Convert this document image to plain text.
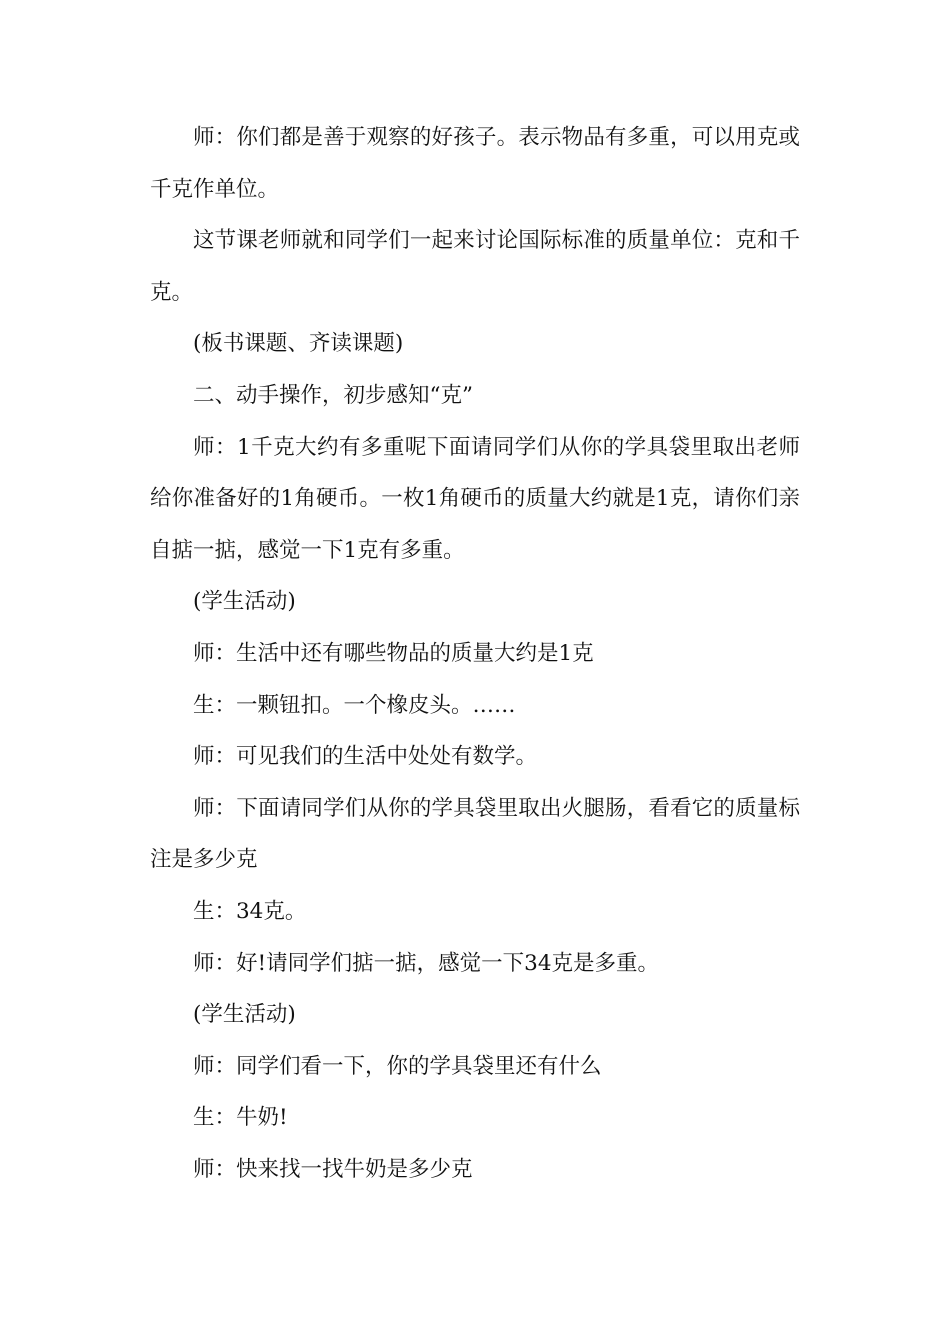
师：你们都是善于观察的好孩子。表示物品有多重，可以用克或千克作单位。

这节课老师就和同学们一起来讨论国际标准的质量单位：克和千克。

(板书课题、齐读课题)

二、动手操作，初步感知“克”

师：1千克大约有多重呢下面请同学们从你的学具袋里取出老师给你准备好的1角硬币。一枚1角硬币的质量大约就是1克，请你们亲自掂一掂，感觉一下1克有多重。

(学生活动)

师：生活中还有哪些物品的质量大约是1克

生：一颗钮扣。一个橡皮头。……

师：可见我们的生活中处处有数学。

师：下面请同学们从你的学具袋里取出火腿肠，看看它的质量标注是多少克

生：34克。

师：好!请同学们掂一掂，感觉一下34克是多重。

(学生活动)

师：同学们看一下，你的学具袋里还有什么

生：牛奶!

师：快来找一找牛奶是多少克
